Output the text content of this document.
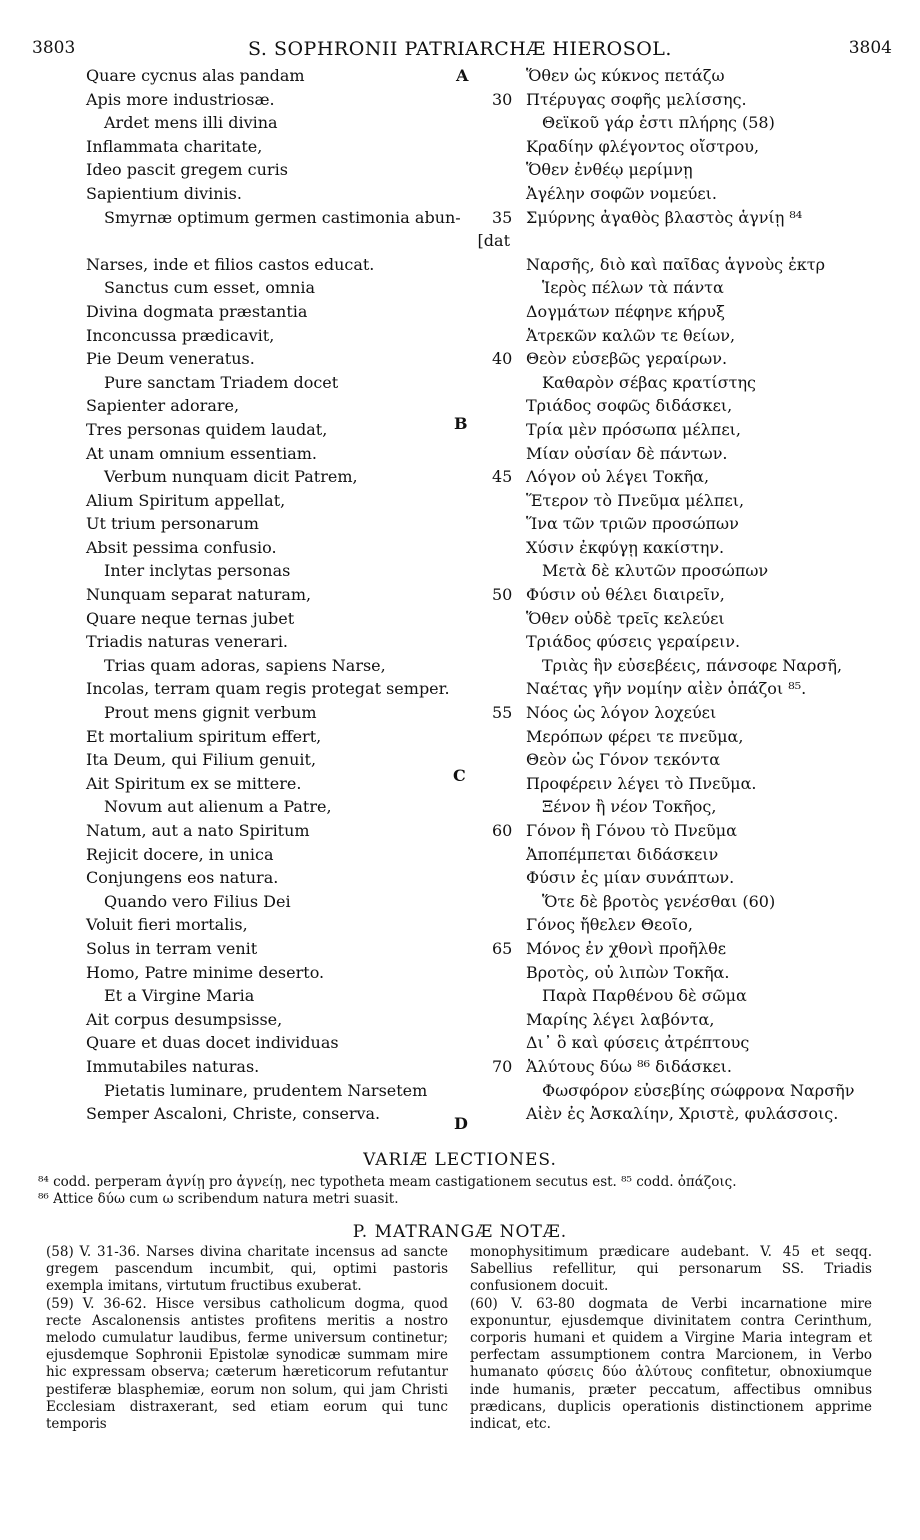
3803	S. SOPHRONII PATRIARCHÆ HIEROSOL.	3804
Quare cycnus alas pandam
Apis more industriosæ.
Ardet mens illi divina
Inflammata charitate,
Ideo pascit gregem curis
Sapientium divinis.
Smyrnæ optimum germen castimonia abun-
[dat
Narses, inde et filios castos educat.
Sanctus cum esset, omnia
Divina dogmata præstantia
Inconcussa prædicavit,
Pie Deum veneratus.
Pure sanctam Triadem docet
Sapienter adorare,
Tres personas quidem laudat,
At unam omnium essentiam.
Verbum nunquam dicit Patrem,
Alium Spiritum appellat,
Ut trium personarum
Absit pessima confusio.
Inter inclytas personas
Nunquam separat naturam,
Quare neque ternas jubet
Triadis naturas venerari.
Trias quam adoras, sapiens Narse,
Incolas, terram quam regis protegat semper.
Prout mens gignit verbum
Et mortalium spiritum effert,
Ita Deum, qui Filium genuit,
Ait Spiritum ex se mittere.
Novum aut alienum a Patre,
Natum, aut a nato Spiritum
Rejicit docere, in unica
Conjungens eos natura.
Quando vero Filius Dei
Voluit fieri mortalis,
Solus in terram venit
Homo, Patre minime deserto.
Et a Virgine Maria
Ait corpus desumpsisse,
Quare et duas docet individuas
Immutabiles naturas.
Pietatis luminare, prudentem Narsetem
Semper Ascaloni, Christe, conserva.
Ὅθεν ὡς κύκνος πετάζω
30 Πτέρυγας σοφῆς μελίσσης.
Θεϊκοῦ γάρ ἐστι πλήρης (58)
Κραδίην φλέγοντος οἴστρου,
Ὅθεν ἐνθέῳ μερίμνῃ
Ἀγέλην σοφῶν νομεύει.
35 Σμύρνης ἀγαθὸς βλαστὸς ἁγνίῃ ⁸⁴
Ναρσῆς, διὸ καὶ παῖδας ἁγνοὺς ἐκτρ
Ἱερὸς πέλων τὰ πάντα
Δογμάτων πέφηνε κήρυξ
Ἀτρεκῶν καλῶν τε θείων,
40 Θεὸν εὐσεβῶς γεραίρων.
Καθαρὸν σέβας κρατίστης
Τριάδος σοφῶς διδάσκει,
Τρία μὲν πρόσωπα μέλπει,
Μίαν οὐσίαν δὲ πάντων.
45 Λόγον οὐ λέγει Τοκῆα,
Ἕτερον τὸ Πνεῦμα μέλπει,
Ἵνα τῶν τριῶν προσώπων
Χύσιν ἐκφύγῃ κακίστην.
Μετὰ δὲ κλυτῶν προσώπων
50 Φύσιν οὐ θέλει διαιρεῖν,
Ὅθεν οὐδὲ τρεῖς κελεύει
Τριάδος φύσεις γεραίρειν.
Τριὰς ἣν εὐσεβέεις, πάνσοφε Ναρσῆ,
Ναέτας γῆν νομίην αἰὲν ὀπάζοι ⁸⁵.
55 Νόος ὡς λόγον λοχεύει
Μερόπων φέρει τε πνεῦμα,
Θεὸν ὡς Γόνον τεκόντα
Προφέρειν λέγει τὸ Πνεῦμα.
Ξένον ἢ νέον Τοκῆος,
60 Γόνον ἢ Γόνου τὸ Πνεῦμα
Ἀποπέμπεται διδάσκειν
Φύσιν ἐς μίαν συνάπτων.
Ὅτε δὲ βροτὸς γενέσθαι (60)
Γόνος ἤθελεν Θεοῖο,
65 Μόνος ἐν χθονὶ προῆλθε
Βροτὸς, οὐ λιπὼν Τοκῆα.
Παρὰ Παρθένου δὲ σῶμα
Μαρίης λέγει λαβόντα,
Δι᾽ ὃ καὶ φύσεις ἀτρέπτους
70 Ἀλύτους δύω ⁸⁶ διδάσκει.
Φωσφόρον εὐσεβίης σώφρονα Ναρσῆν
Αἰὲν ἐς Ἀσκαλίην, Χριστὲ, φυλάσσοις.
A
B
C
D
VARIÆ LECTIONES.
⁸⁴ codd. perperam ἁγνίῃ pro ἁγνείῃ, nec typotheta meam castigationem secutus est. ⁸⁵ codd. ὀπάζοις.
⁸⁶ Attice δύω cum ω scribendum natura metri suasit.
P. MATRANGÆ NOTÆ.

(58) V. 31-36. Narses divina charitate incensus ad sancte gregem pascendum incumbit, qui, optimi pastoris exempla imitans, virtutum fructibus exuberat.

(59) V. 36-62. Hisce versibus catholicum dogma, quod recte Ascalonensis antistes profitens meritis a nostro melodo cumulatur laudibus, ferme universum continetur; ejusdemque Sophronii Epistolæ synodicæ summam mire hic expressam observa; cæterum hæreticorum refutantur pestiferæ blasphemiæ, eorum non solum, qui jam Christi Ecclesiam distraxerant, sed etiam eorum qui tunc temporis

monophysitimum prædicare audebant. V. 45 et seqq. Sabellius refellitur, qui personarum SS. Triadis confusionem docuit.

(60) V. 63-80 dogmata de Verbi incarnatione mire exponuntur, ejusdemque divinitatem contra Cerinthum, corporis humani et quidem a Virgine Maria integram et perfectam assumptionem contra Marcionem, in Verbo humanato φύσεις δύο ἀλύτους confitetur, obnoxiumque inde humanis, præter peccatum, affectibus omnibus prædicans, duplicis operationis distinctionem apprime indicat, etc.
